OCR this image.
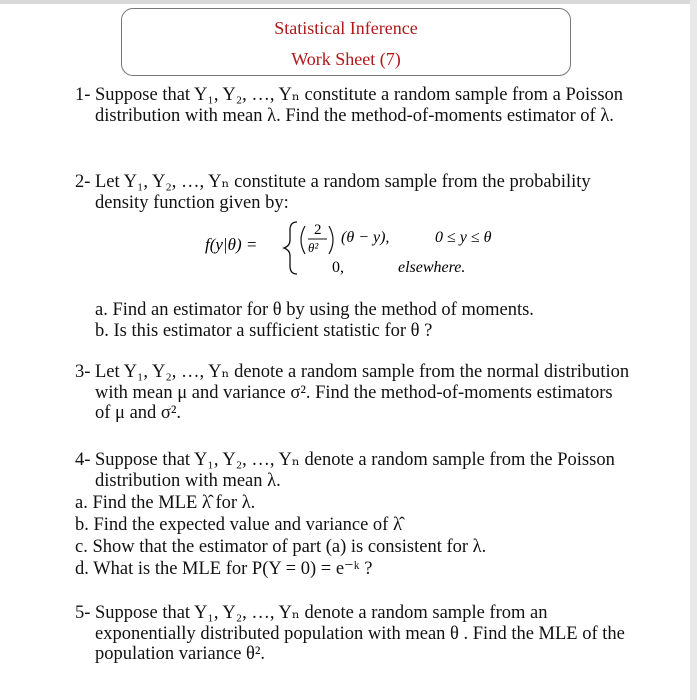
Statistical Inference
Work Sheet (7)
1- Suppose that Y₁, Y₂, …, Yₙ constitute a random sample from a Poisson distribution with mean λ. Find the method-of-moments estimator of λ.
2- Let Y₁, Y₂, …, Yₙ constitute a random sample from the probability density function given by:
f(y|θ) =
2
θ²
(θ − y),	0 ≤ y ≤ θ
0,	elsewhere.
a. Find an estimator for θ by using the method of moments.
b. Is this estimator a sufficient statistic for θ ?
3- Let Y₁, Y₂, …, Yₙ denote a random sample from the normal distribution with mean μ and variance σ². Find the method-of-moments estimators of μ and σ².
4- Suppose that Y₁, Y₂, …, Yₙ denote a random sample from the Poisson distribution with mean λ.
a. Find the MLE λ̂ for λ.
b. Find the expected value and variance of λ̂
c. Show that the estimator of part (a) is consistent for λ.
d. What is the MLE for P(Y = 0) = e⁻ᵏ ?
5- Suppose that Y₁, Y₂, …, Yₙ denote a random sample from an exponentially distributed population with mean θ . Find the MLE of the population variance θ².
